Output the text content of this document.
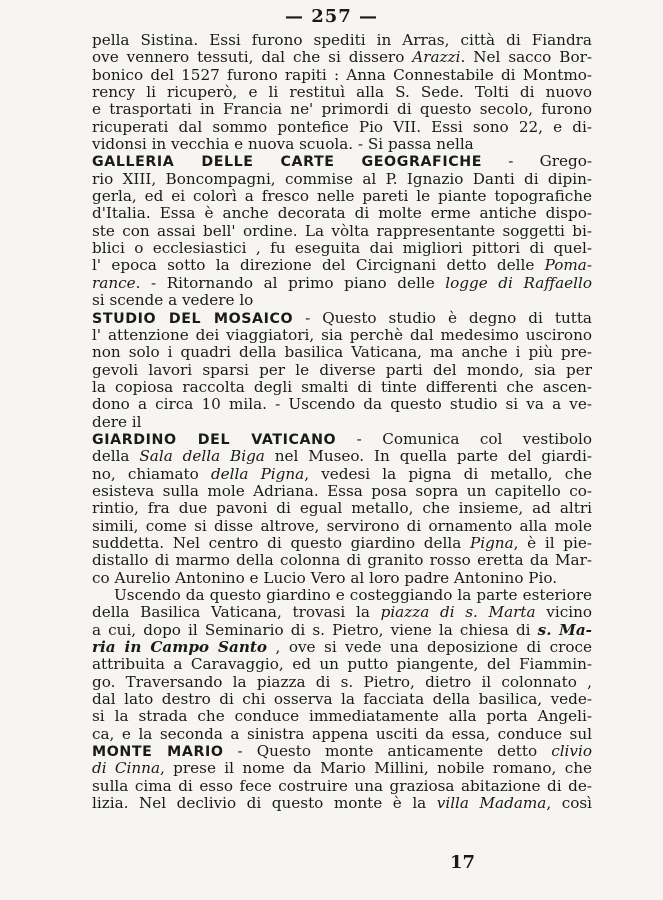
— 257 —
pella Sistina. Essi furono spediti in Arras, città di Fiandra
ove vennero tessuti, dal che si dissero Arazzi. Nel sacco Bor-
bonico del 1527 furono rapiti : Anna Connestabile di Montmo-
rency li ricuperò, e li restituì alla S. Sede. Tolti di nuovo
e trasportati in Francia ne' primordi di questo secolo, furono
ricuperati dal sommo pontefice Pio VII. Essi sono 22, e di-
vidonsi in vecchia e nuova scuola. - Si passa nella
GALLERIA DELLE CARTE GEOGRAFICHE - Grego-
rio XIII, Boncompagni, commise al P. Ignazio Danti di dipin-
gerla, ed ei colorì a fresco nelle pareti le piante topografiche
d'Italia. Essa è anche decorata di molte erme antiche dispo-
ste con assai bell' ordine. La vòlta rappresentante soggetti bi-
blici o ecclesiastici , fu eseguita dai migliori pittori di quel-
l' epoca sotto la direzione del Circignani detto delle Poma-
rance. - Ritornando al primo piano delle logge di Raffaello
si scende a vedere lo
STUDIO DEL MOSAICO - Questo studio è degno di tutta
l' attenzione dei viaggiatori, sia perchè dal medesimo uscirono
non solo i quadri della basilica Vaticana, ma anche i più pre-
gevoli lavori sparsi per le diverse parti del mondo, sia per
la copiosa raccolta degli smalti di tinte differenti che ascen-
dono a circa 10 mila. - Uscendo da questo studio si va a ve-
dere il
GIARDINO DEL VATICANO - Comunica col vestibolo
della Sala della Biga nel Museo. In quella parte del giardi-
no, chiamato della Pigna, vedesi la pigna di metallo, che
esisteva sulla mole Adriana. Essa posa sopra un capitello co-
rintio, fra due pavoni di egual metallo, che insieme, ad altri
simili, come si disse altrove, servirono di ornamento alla mole
suddetta. Nel centro di questo giardino della Pigna, è il pie-
distallo di marmo della colonna di granito rosso eretta da Mar-
co Aurelio Antonino e Lucio Vero al loro padre Antonino Pio.
Uscendo da questo giardino e costeggiando la parte esteriore
della Basilica Vaticana, trovasi la piazza di s. Marta vicino
a cui, dopo il Seminario di s. Pietro, viene la chiesa di s. Ma-
ria in Campo Santo , ove si vede una deposizione di croce
attribuita a Caravaggio, ed un putto piangente, del Fiammin-
go. Traversando la piazza di s. Pietro, dietro il colonnato ,
dal lato destro di chi osserva la facciata della basilica, vede-
si la strada che conduce immediatamente alla porta Angeli-
ca, e la seconda a sinistra appena usciti da essa, conduce sul
MONTE MARIO - Questo monte anticamente detto clivio
di Cinna, prese il nome da Mario Millini, nobile romano, che
sulla cima di esso fece costruire una graziosa abitazione di de-
lizia. Nel declivio di questo monte è la villa Madama, così
17
